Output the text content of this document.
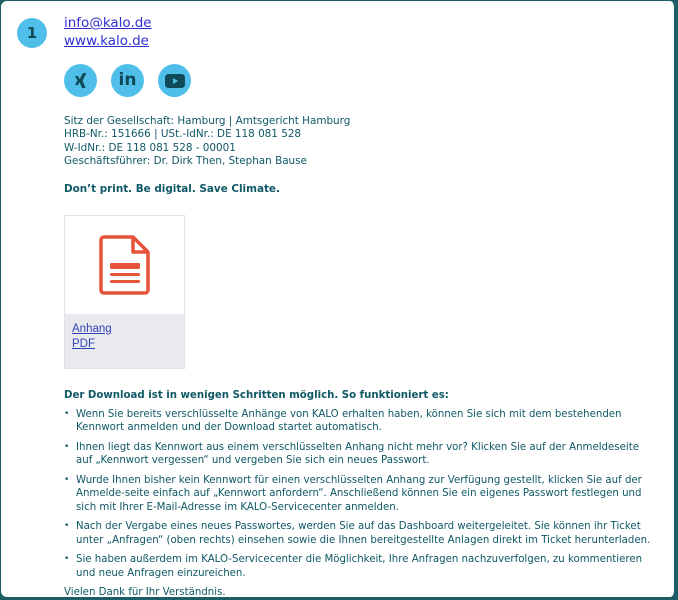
1
info@kalo.de
www.kalo.de
in
Sitz der Gesellschaft: Hamburg | Amtsgericht Hamburg
HRB-Nr.: 151666 | USt.-IdNr.: DE 118 081 528
W-IdNr.: DE 118 081 528 - 00001
Geschäftsführer: Dr. Dirk Then, Stephan Bause
Don’t print. Be digital. Save Climate.
Anhang
PDF
Der Download ist in wenigen Schritten möglich. So funktioniert es:
• Wenn Sie bereits verschlüsselte Anhänge von KALO erhalten haben, können Sie sich mit dem bestehenden Kennwort anmelden und der Download startet automatisch.
• Ihnen liegt das Kennwort aus einem verschlüsselten Anhang nicht mehr vor? Klicken Sie auf der Anmeldeseite auf „Kennwort vergessen“ und vergeben Sie sich ein neues Passwort.
• Wurde Ihnen bisher kein Kennwort für einen verschlüsselten Anhang zur Verfügung gestellt, klicken Sie auf der Anmelde-seite einfach auf „Kennwort anfordern“. Anschließend können Sie ein eigenes Passwort festlegen und sich mit Ihrer E-Mail-Adresse im KALO-Servicecenter anmelden.
• Nach der Vergabe eines neues Passwortes, werden Sie auf das Dashboard weitergeleitet. Sie können ihr Ticket unter „Anfragen“ (oben rechts) einsehen sowie die Ihnen bereitgestellte Anlagen direkt im Ticket herunterladen.
• Sie haben außerdem im KALO-Servicecenter die Möglichkeit, Ihre Anfragen nachzuverfolgen, zu kommentieren und neue Anfragen einzureichen.

Vielen Dank für Ihr Verständnis.
